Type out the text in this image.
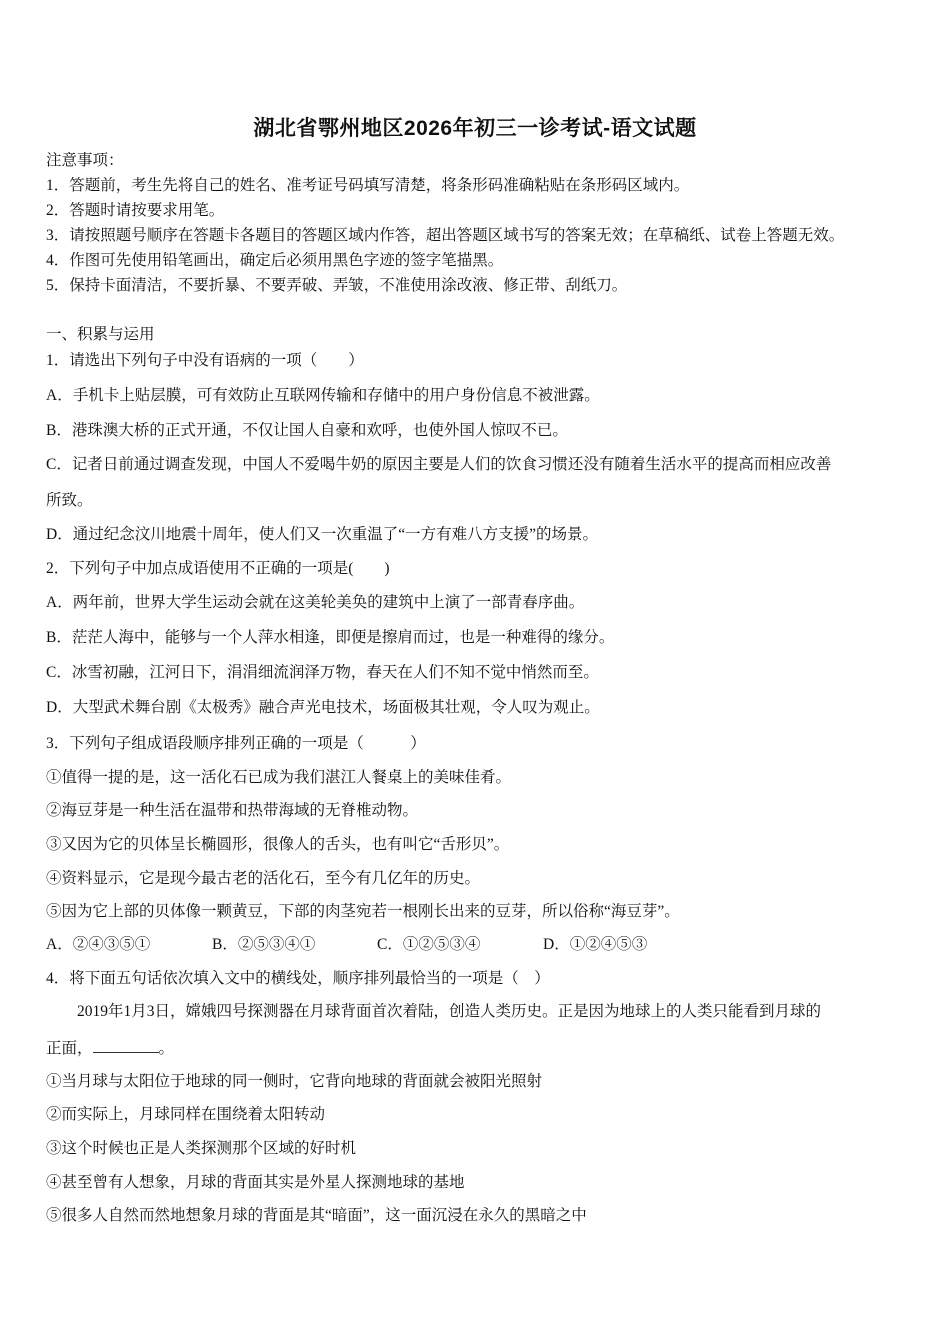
湖北省鄂州地区2026年初三一诊考试-语文试题
注意事项：
1．答题前，考生先将自己的姓名、准考证号码填写清楚，将条形码准确粘贴在条形码区域内。
2．答题时请按要求用笔。
3．请按照题号顺序在答题卡各题目的答题区域内作答，超出答题区域书写的答案无效；在草稿纸、试卷上答题无效。
4．作图可先使用铅笔画出，确定后必须用黑色字迹的签字笔描黑。
5．保持卡面清洁，不要折暴、不要弄破、弄皱，不准使用涂改液、修正带、刮纸刀。
一、积累与运用
1．请选出下列句子中没有语病的一项（　　）
A．手机卡上贴层膜，可有效防止互联网传输和存储中的用户身份信息不被泄露。
B．港珠澳大桥的正式开通，不仅让国人自豪和欢呼，也使外国人惊叹不已。
C．记者日前通过调查发现，中国人不爱喝牛奶的原因主要是人们的饮食习惯还没有随着生活水平的提高而相应改善
所致。
D．通过纪念汶川地震十周年，使人们又一次重温了“一方有难八方支援”的场景。
2．下列句子中加点成语使用不正确的一项是(　　)
A．两年前，世界大学生运动会就在这美轮美奂的建筑中上演了一部青春序曲。
B．茫茫人海中，能够与一个人萍水相逢，即便是擦肩而过，也是一种难得的缘分。
C．冰雪初融，江河日下，涓涓细流润泽万物，春天在人们不知不觉中悄然而至。
D．大型武术舞台剧《太极秀》融合声光电技术，场面极其壮观，令人叹为观止。
3．下列句子组成语段顺序排列正确的一项是（　　　）
①值得一提的是，这一活化石已成为我们湛江人餐桌上的美味佳肴。
②海豆芽是一种生活在温带和热带海域的无脊椎动物。
③又因为它的贝体呈长椭圆形，很像人的舌头，也有叫它“舌形贝”。
④资料显示，它是现今最古老的活化石，至今有几亿年的历史。
⑤因为它上部的贝体像一颗黄豆，下部的肉茎宛若一根刚长出来的豆芽，所以俗称“海豆芽”。
4．将下面五句话依次填入文中的横线处，顺序排列最恰当的一项是（　）
　　2019年1月3日，嫦娥四号探测器在月球背面首次着陆，创造人类历史。正是因为地球上的人类只能看到月球的
①当月球与太阳位于地球的同一侧时，它背向地球的背面就会被阳光照射
②而实际上，月球同样在围绕着太阳转动
③这个时候也正是人类探测那个区域的好时机
④甚至曾有人想象，月球的背面其实是外星人探测地球的基地
⑤很多人自然而然地想象月球的背面是其“暗面”，这一面沉浸在永久的黑暗之中
正面，	。
A．②④③⑤①	B．②⑤③④①	C．①②⑤③④	D．①②④⑤③
